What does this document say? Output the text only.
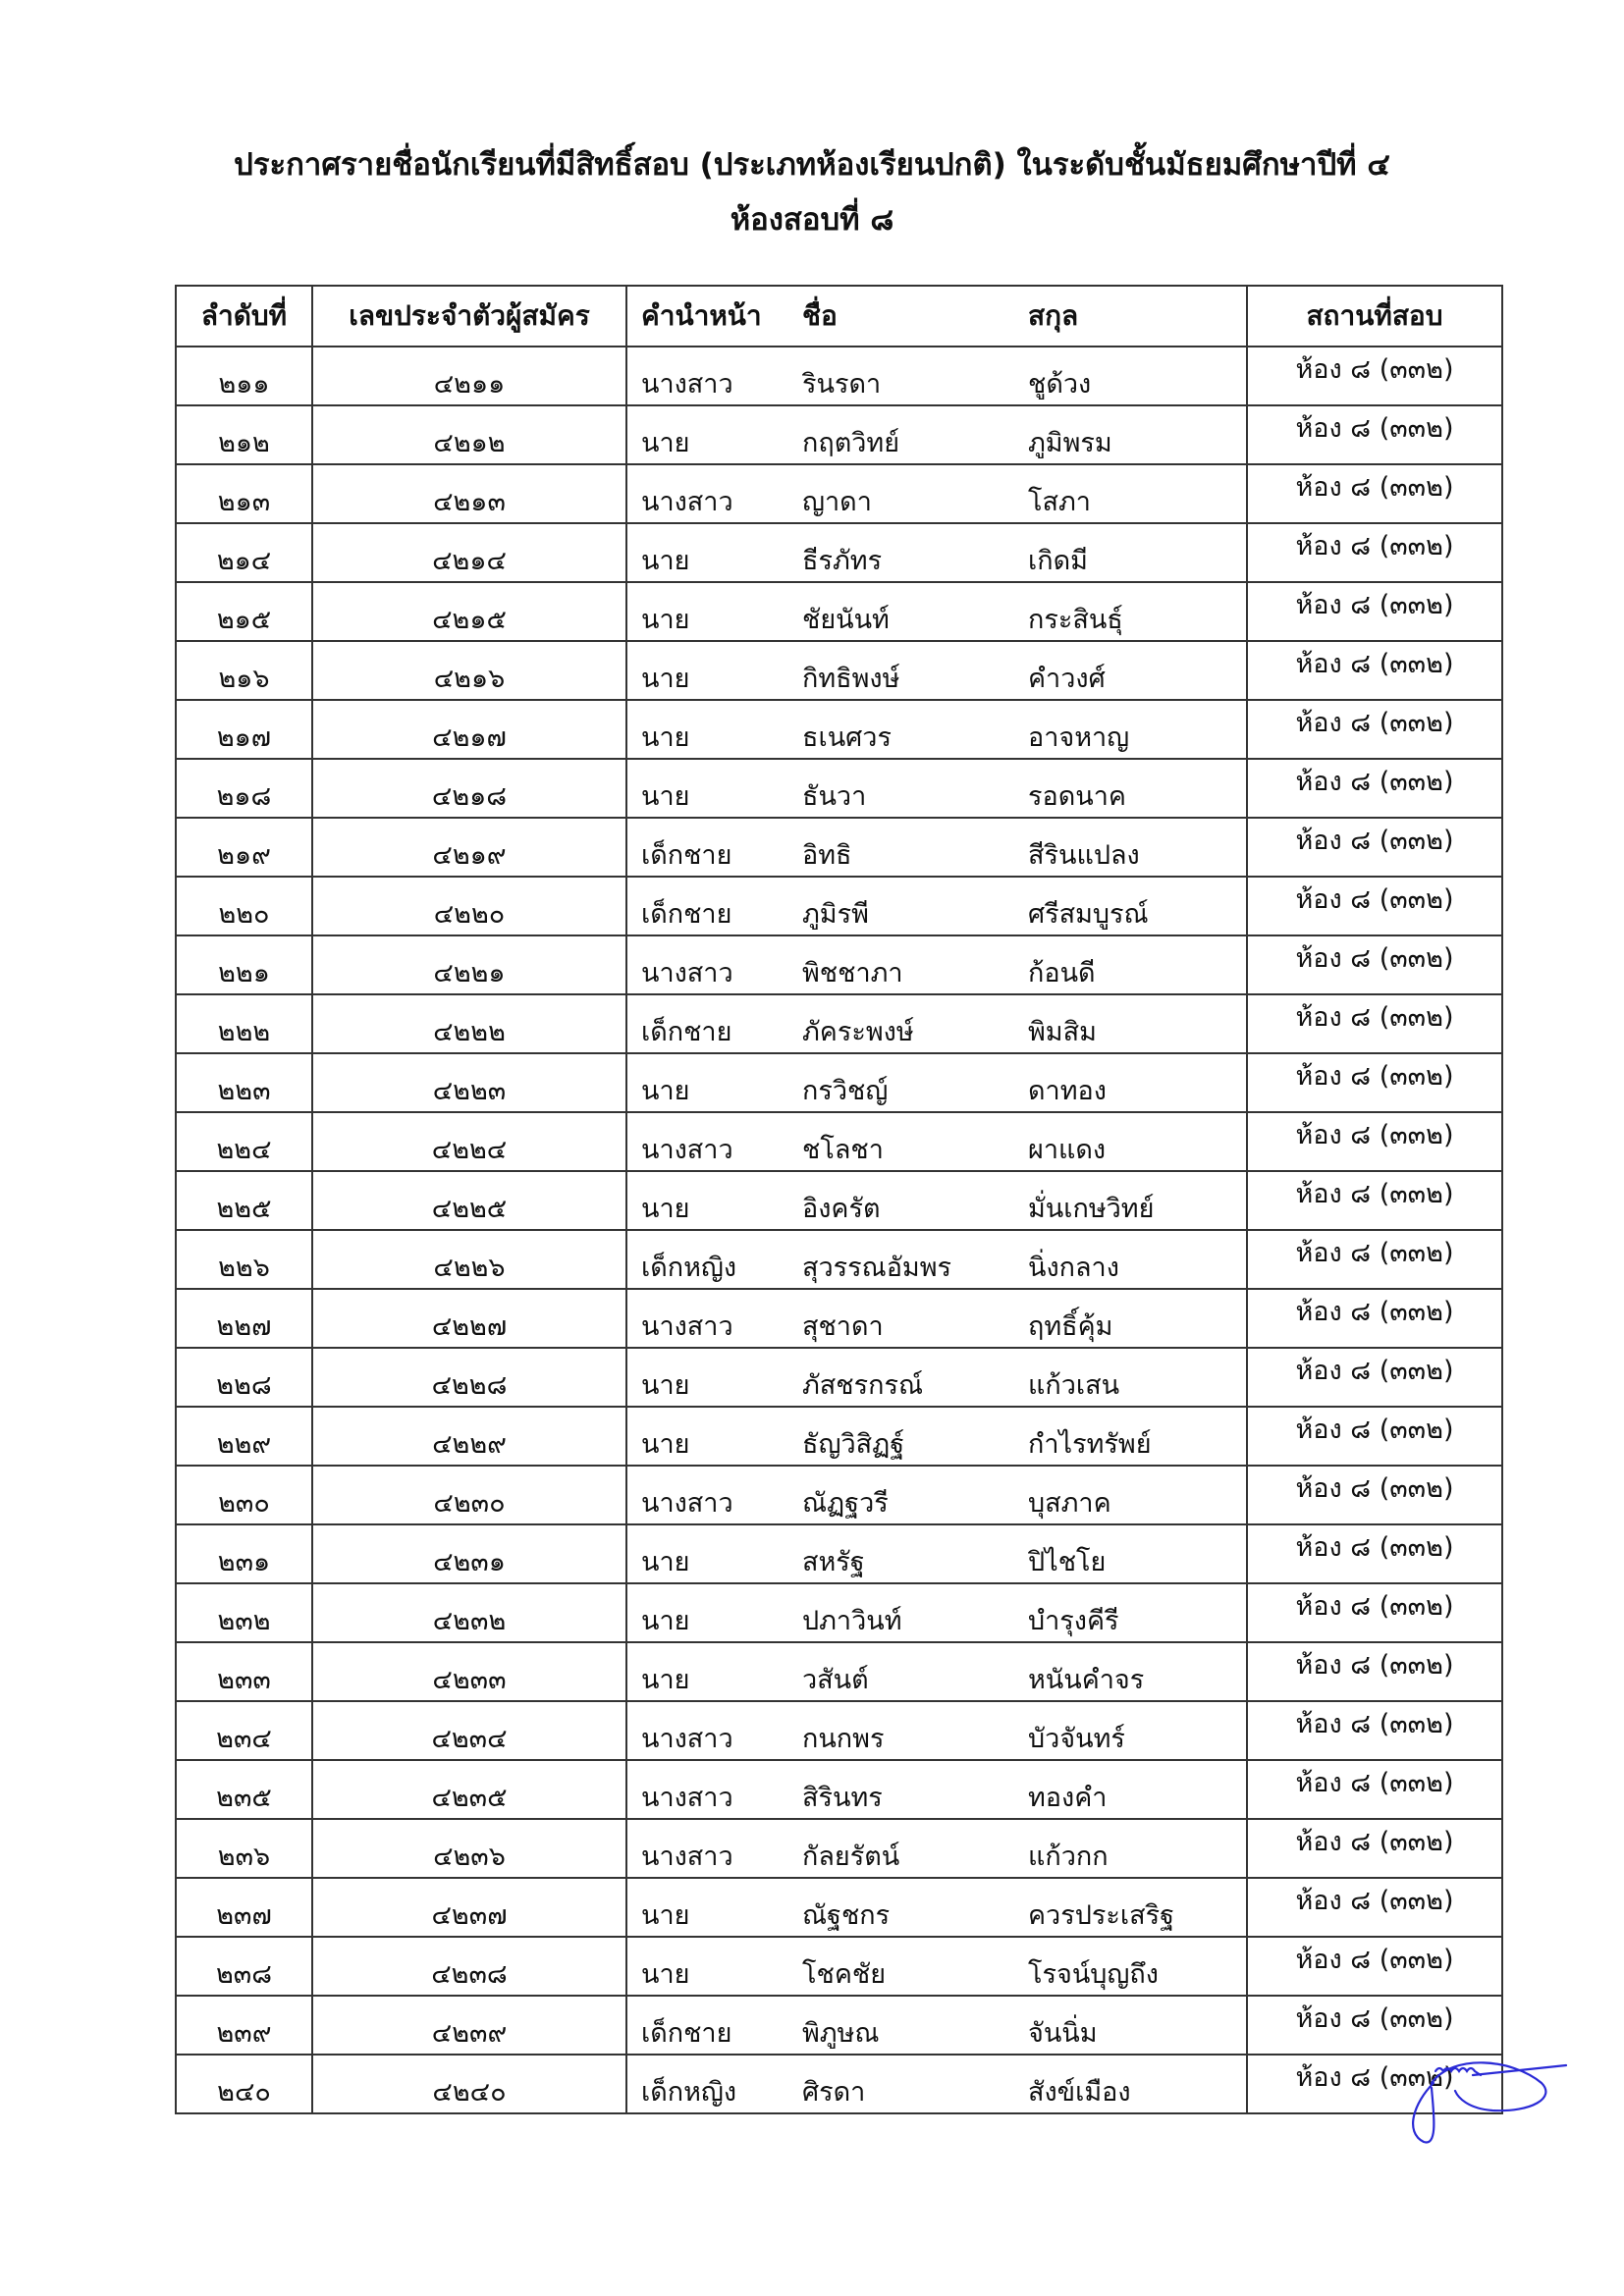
ประกาศรายชื่อนักเรียนที่มีสิทธิ์สอบ (ประเภทห้องเรียนปกติ) ในระดับชั้นมัธยมศึกษาปีที่ ๔
ห้องสอบที่ ๘
ลำดับที่	เลขประจำตัวผู้สมัคร	คำนำหน้า	ชื่อ	สกุล	สถานที่สอบ
๒๑๑	๔๒๑๑	นางสาว	รินรดา	ชูด้วง	ห้อง ๘ (๓๓๒)
๒๑๒	๔๒๑๒	นาย	กฤตวิทย์	ภูมิพรม	ห้อง ๘ (๓๓๒)
๒๑๓	๔๒๑๓	นางสาว	ญาดา	โสภา	ห้อง ๘ (๓๓๒)
๒๑๔	๔๒๑๔	นาย	ธีรภัทร	เกิดมี	ห้อง ๘ (๓๓๒)
๒๑๕	๔๒๑๕	นาย	ชัยนันท์	กระสินธุ์	ห้อง ๘ (๓๓๒)
๒๑๖	๔๒๑๖	นาย	กิทธิพงษ์	คำวงศ์	ห้อง ๘ (๓๓๒)
๒๑๗	๔๒๑๗	นาย	ธเนศวร	อาจหาญ	ห้อง ๘ (๓๓๒)
๒๑๘	๔๒๑๘	นาย	ธันวา	รอดนาค	ห้อง ๘ (๓๓๒)
๒๑๙	๔๒๑๙	เด็กชาย	อิทธิ	สีรินแปลง	ห้อง ๘ (๓๓๒)
๒๒๐	๔๒๒๐	เด็กชาย	ภูมิรพี	ศรีสมบูรณ์	ห้อง ๘ (๓๓๒)
๒๒๑	๔๒๒๑	นางสาว	พิชชาภา	ก้อนดี	ห้อง ๘ (๓๓๒)
๒๒๒	๔๒๒๒	เด็กชาย	ภัคระพงษ์	พิมสิม	ห้อง ๘ (๓๓๒)
๒๒๓	๔๒๒๓	นาย	กรวิชญ์	ดาทอง	ห้อง ๘ (๓๓๒)
๒๒๔	๔๒๒๔	นางสาว	ชโลชา	ผาแดง	ห้อง ๘ (๓๓๒)
๒๒๕	๔๒๒๕	นาย	อิงครัต	มั่นเกษวิทย์	ห้อง ๘ (๓๓๒)
๒๒๖	๔๒๒๖	เด็กหญิง	สุวรรณอัมพร	นิ่งกลาง	ห้อง ๘ (๓๓๒)
๒๒๗	๔๒๒๗	นางสาว	สุชาดา	ฤทธิ์คุ้ม	ห้อง ๘ (๓๓๒)
๒๒๘	๔๒๒๘	นาย	ภัสชรกรณ์	แก้วเสน	ห้อง ๘ (๓๓๒)
๒๒๙	๔๒๒๙	นาย	ธัญวิสิฏฐ์	กำไรทรัพย์	ห้อง ๘ (๓๓๒)
๒๓๐	๔๒๓๐	นางสาว	ณัฏฐวรี	บุสภาค	ห้อง ๘ (๓๓๒)
๒๓๑	๔๒๓๑	นาย	สหรัฐ	ปิไชโย	ห้อง ๘ (๓๓๒)
๒๓๒	๔๒๓๒	นาย	ปภาวินท์	บำรุงคีรี	ห้อง ๘ (๓๓๒)
๒๓๓	๔๒๓๓	นาย	วสันต์	หนันคำจร	ห้อง ๘ (๓๓๒)
๒๓๔	๔๒๓๔	นางสาว	กนกพร	บัวจันทร์	ห้อง ๘ (๓๓๒)
๒๓๕	๔๒๓๕	นางสาว	สิรินทร	ทองคำ	ห้อง ๘ (๓๓๒)
๒๓๖	๔๒๓๖	นางสาว	กัลยรัตน์	แก้วกก	ห้อง ๘ (๓๓๒)
๒๓๗	๔๒๓๗	นาย	ณัฐชกร	ควรประเสริฐ	ห้อง ๘ (๓๓๒)
๒๓๘	๔๒๓๘	นาย	โชคชัย	โรจน์บุญถึง	ห้อง ๘ (๓๓๒)
๒๓๙	๔๒๓๙	เด็กชาย	พิภูษณ	จันนิ่ม	ห้อง ๘ (๓๓๒)
๒๔๐	๔๒๔๐	เด็กหญิง	ศิรดา	สังข์เมือง	ห้อง ๘ (๓๓๒)
